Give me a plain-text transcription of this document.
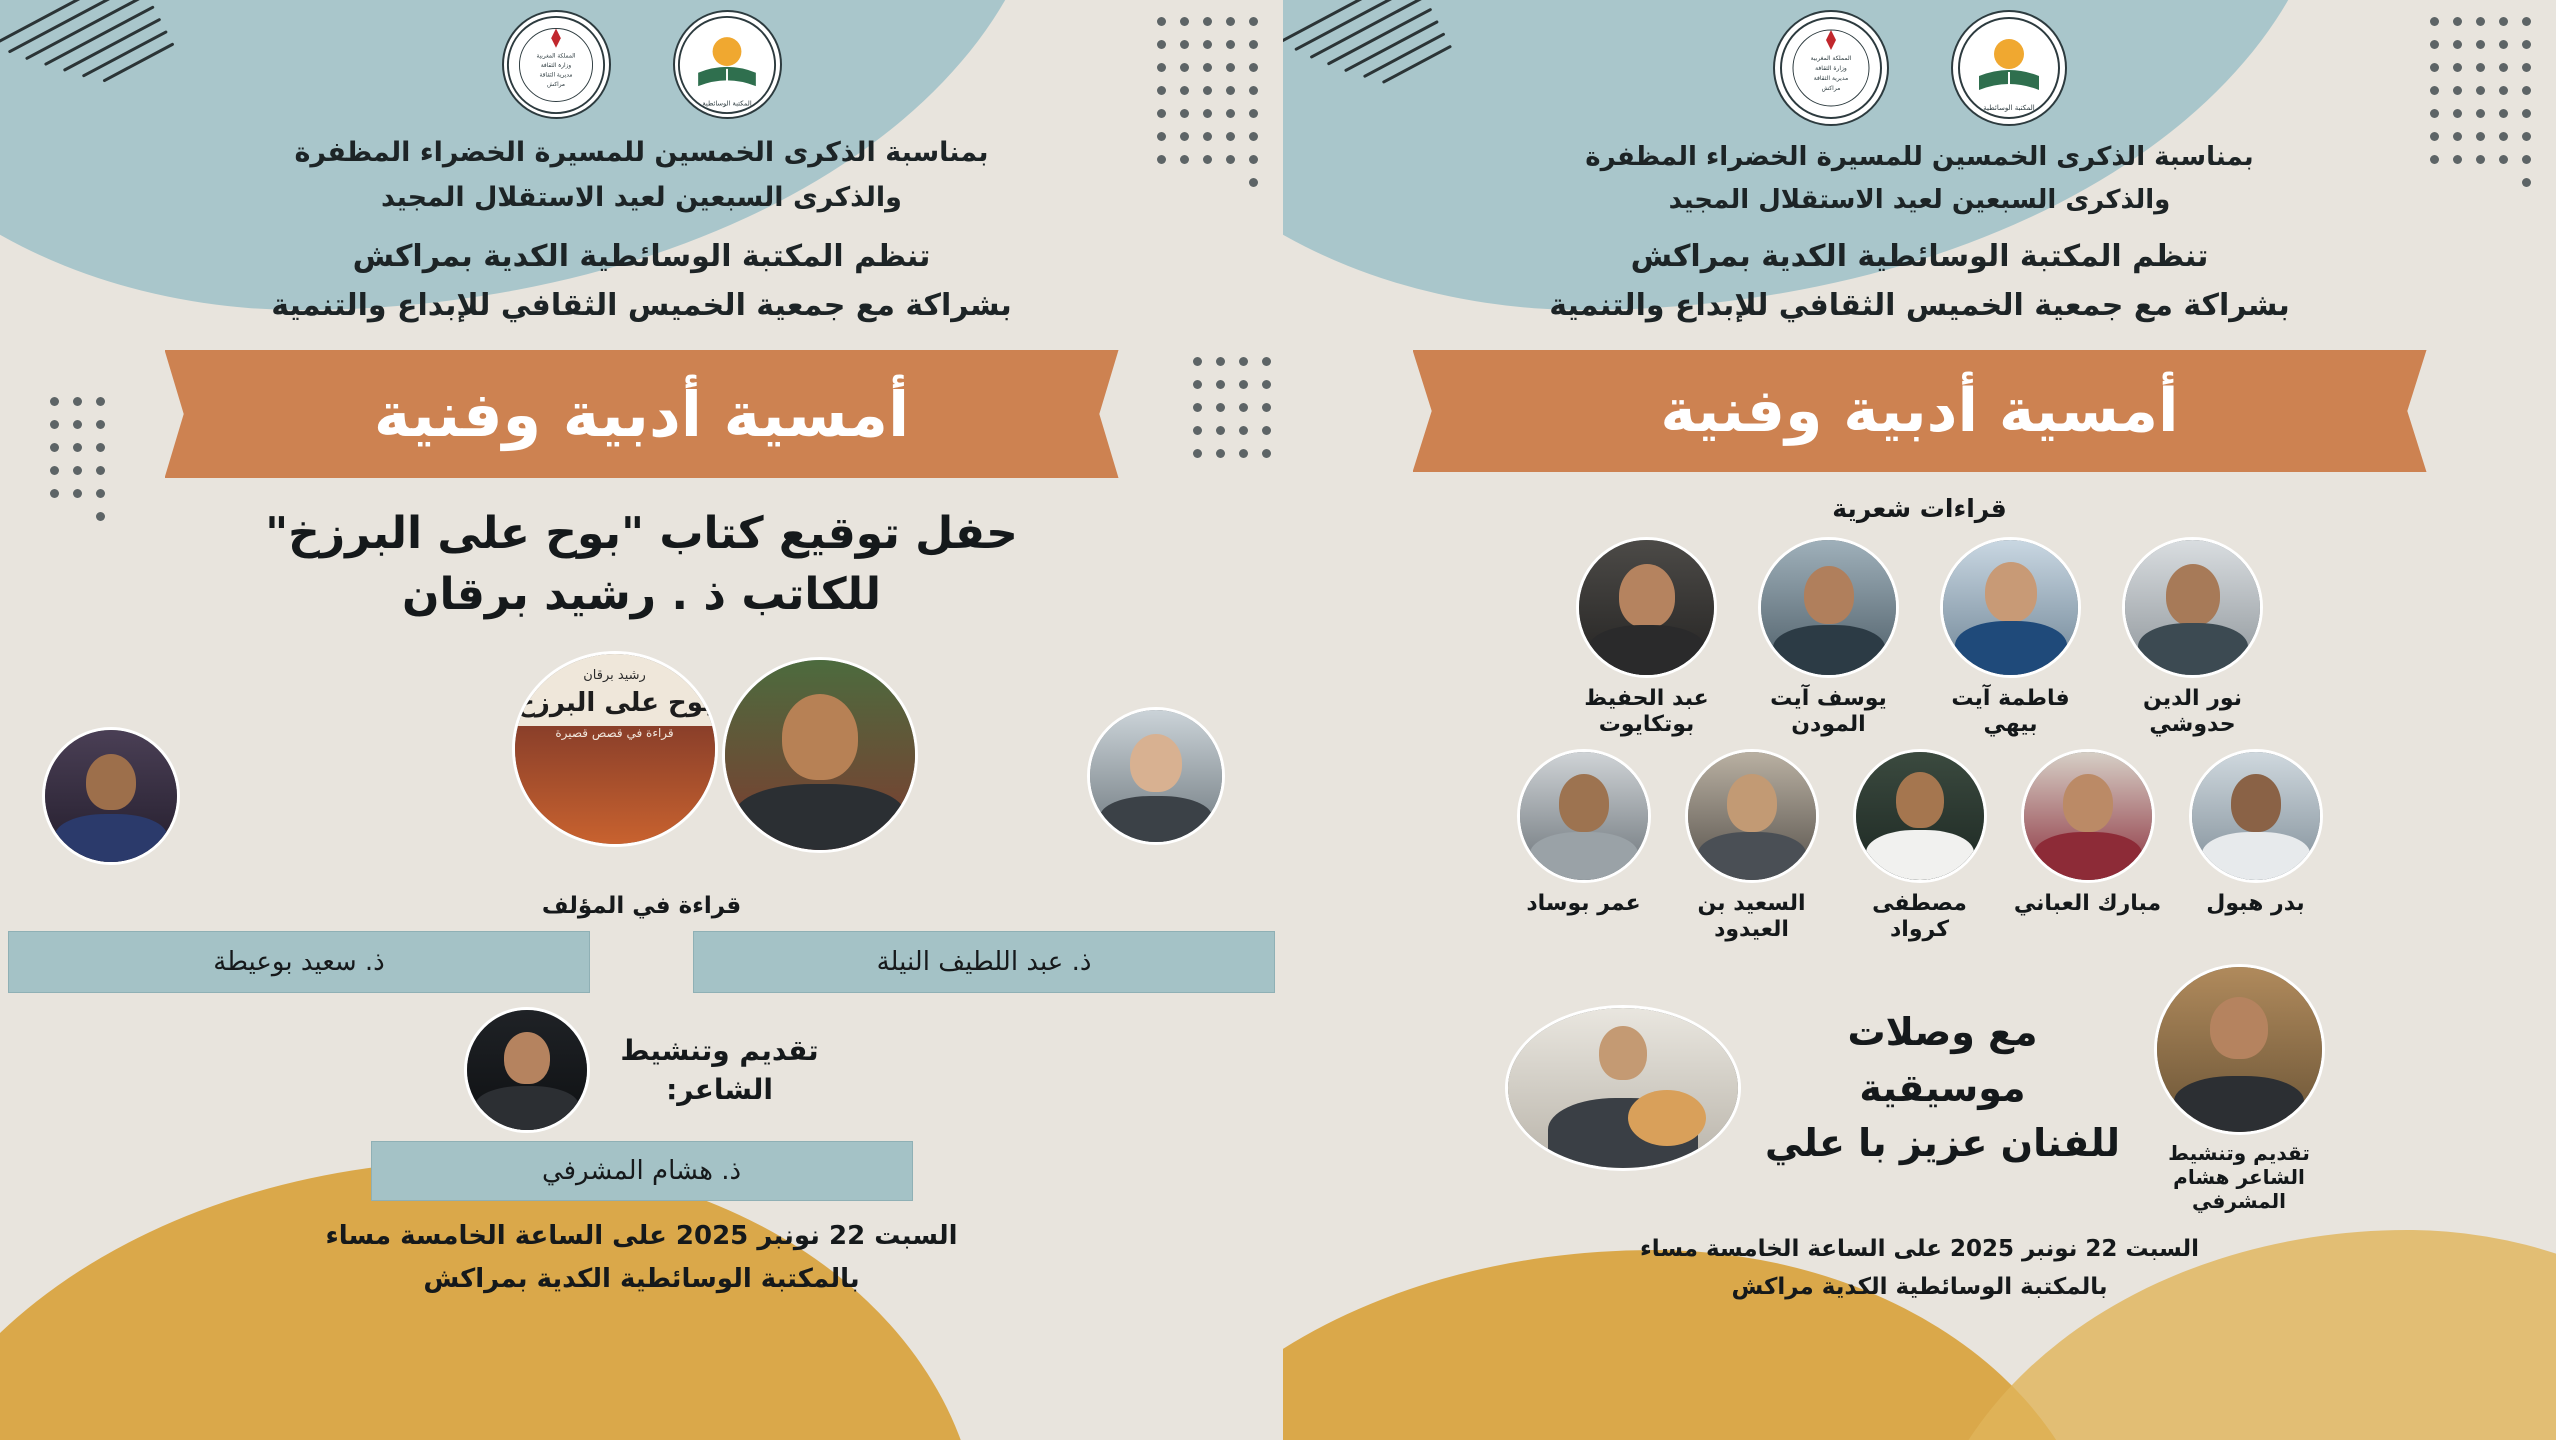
المكتبة الوسائطية
المملكة المغربية
وزارة الثقافة
مديرية الثقافة
مراكش
بمناسبة الذكرى الخمسين للمسيرة الخضراء المظفرة
والذكرى السبعين لعيد الاستقلال المجيد
تنظم المكتبة الوسائطية الكدية بمراكش
بشراكة مع جمعية الخميس الثقافي للإبداع والتنمية
أمسية أدبية وفنية
قراءات شعرية
نور الدين حدوشي
فاطمة آيت بيهي
يوسف آيت المودن
عبد الحفيظ بوتكايوت
بدر هبول
مبارك العباني
مصطفى كرواد
السعيد بن العيدود
عمر بوساد
تقديم وتنشيط الشاعر هشام المشرفي
مع وصلات
موسيقية
للفنان عزيز با علي
السبت 22 نونبر 2025 على الساعة الخامسة مساء
بالمكتبة الوسائطية الكدية مراكش
المكتبة الوسائطية
المملكة المغربية
وزارة الثقافة
مديرية الثقافة
مراكش
بمناسبة الذكرى الخمسين للمسيرة الخضراء المظفرة
والذكرى السبعين لعيد الاستقلال المجيد
تنظم المكتبة الوسائطية الكدية بمراكش
بشراكة مع جمعية الخميس الثقافي للإبداع والتنمية
أمسية أدبية وفنية
حفل توقيع كتاب "بوح على البرزخ"
للكاتب ذ . رشيد برقان
رشيد برقان
بوح على البرزخ
قراءة في قصص قصيرة
قراءة في المؤلف
ذ. عبد اللطيف النيلة
ذ. سعيد بوعيطة
تقديم وتنشيط
الشاعر:
ذ. هشام المشرفي
السبت 22 نونبر 2025 على الساعة الخامسة مساء
بالمكتبة الوسائطية الكدية بمراكش
